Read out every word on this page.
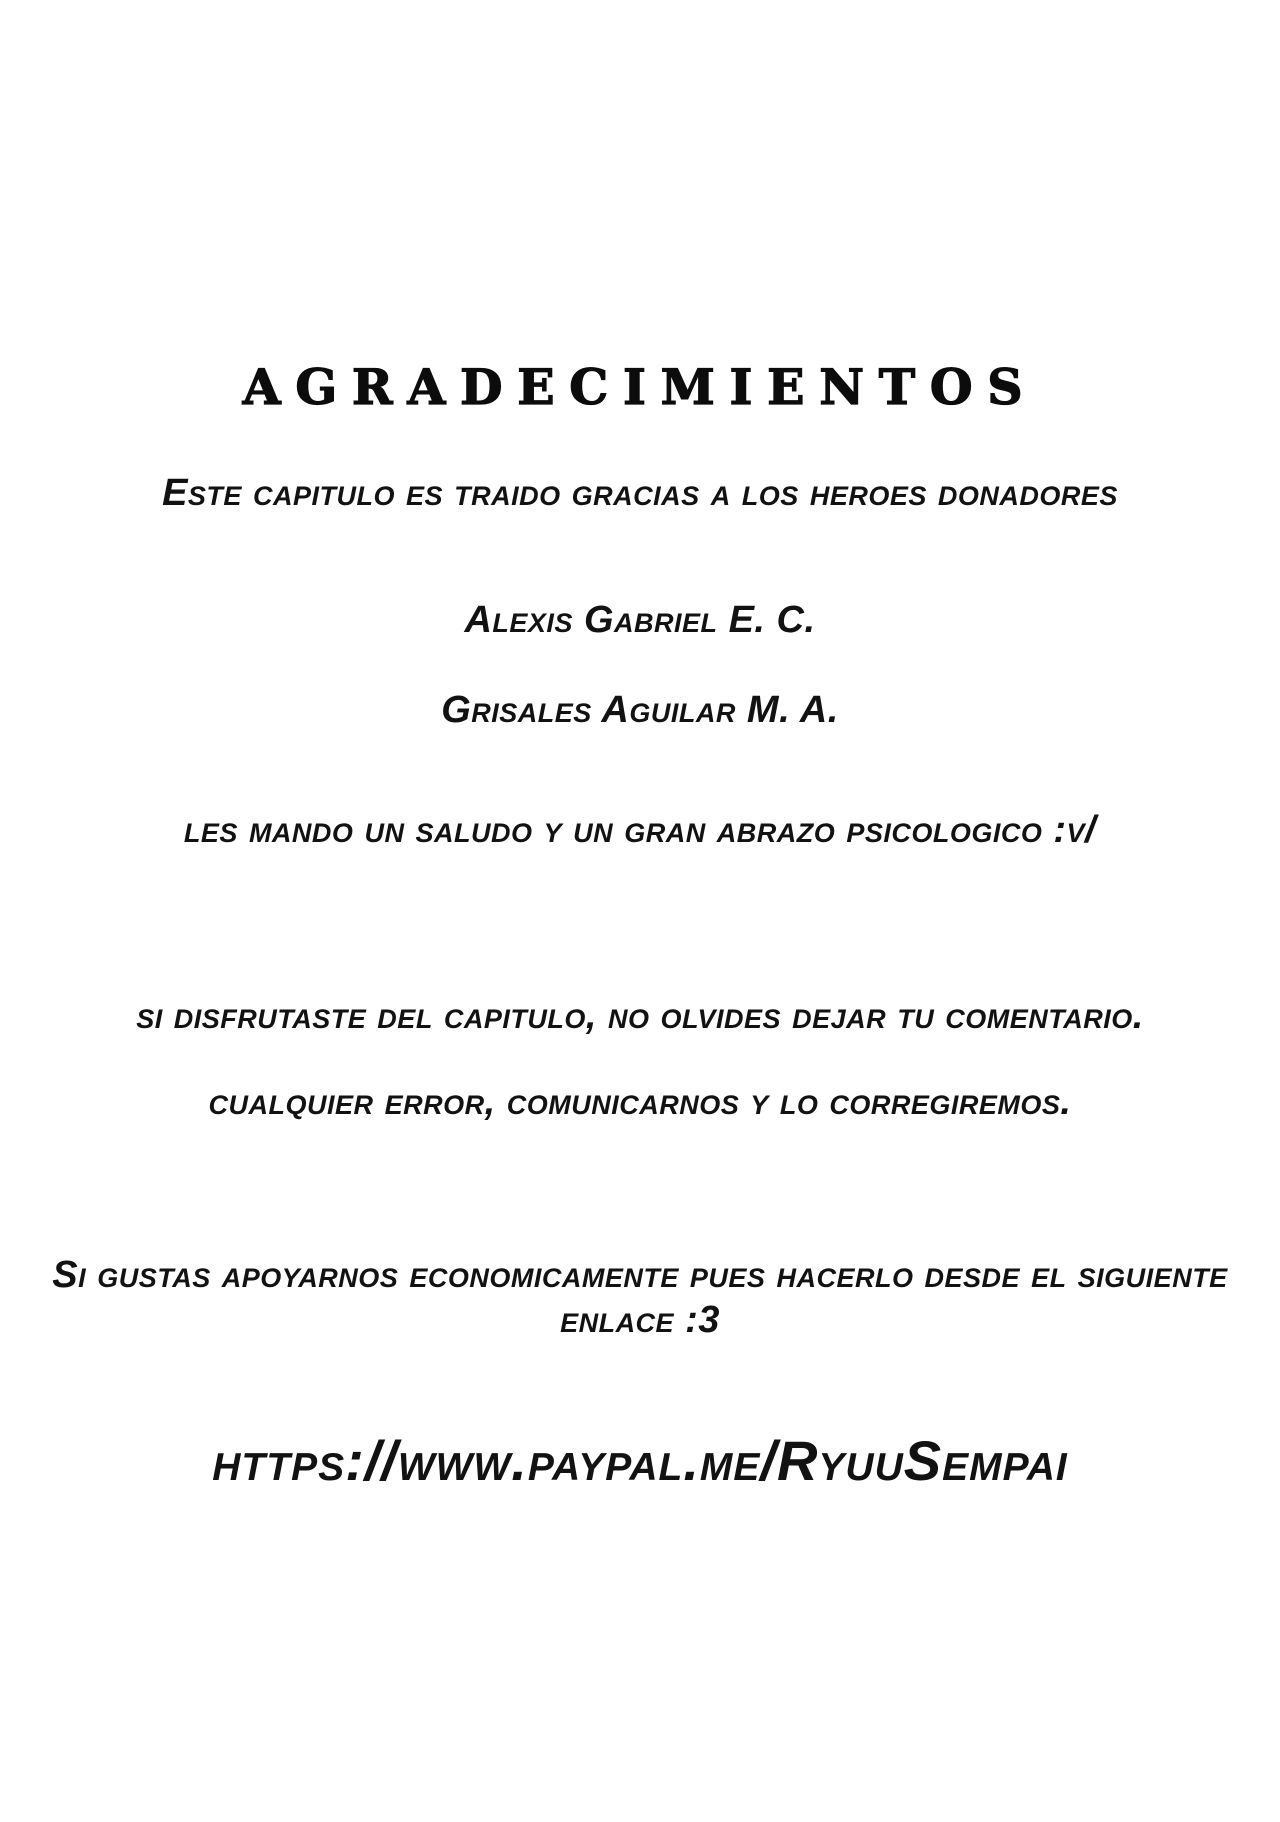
AGRADECIMIENTOS

Este capitulo es traido gracias a los heroes donadores

Alexis Gabriel E. C.

Grisales Aguilar M. A.

les mando un saludo y un gran abrazo psicologico :v/

si disfrutaste del capitulo, no olvides dejar tu comentario.

cualquier error, comunicarnos y lo corregiremos.

Si gustas apoyarnos economicamente pues hacerlo desde el siguiente enlace :3

https://www.paypal.me/RyuuSempai
